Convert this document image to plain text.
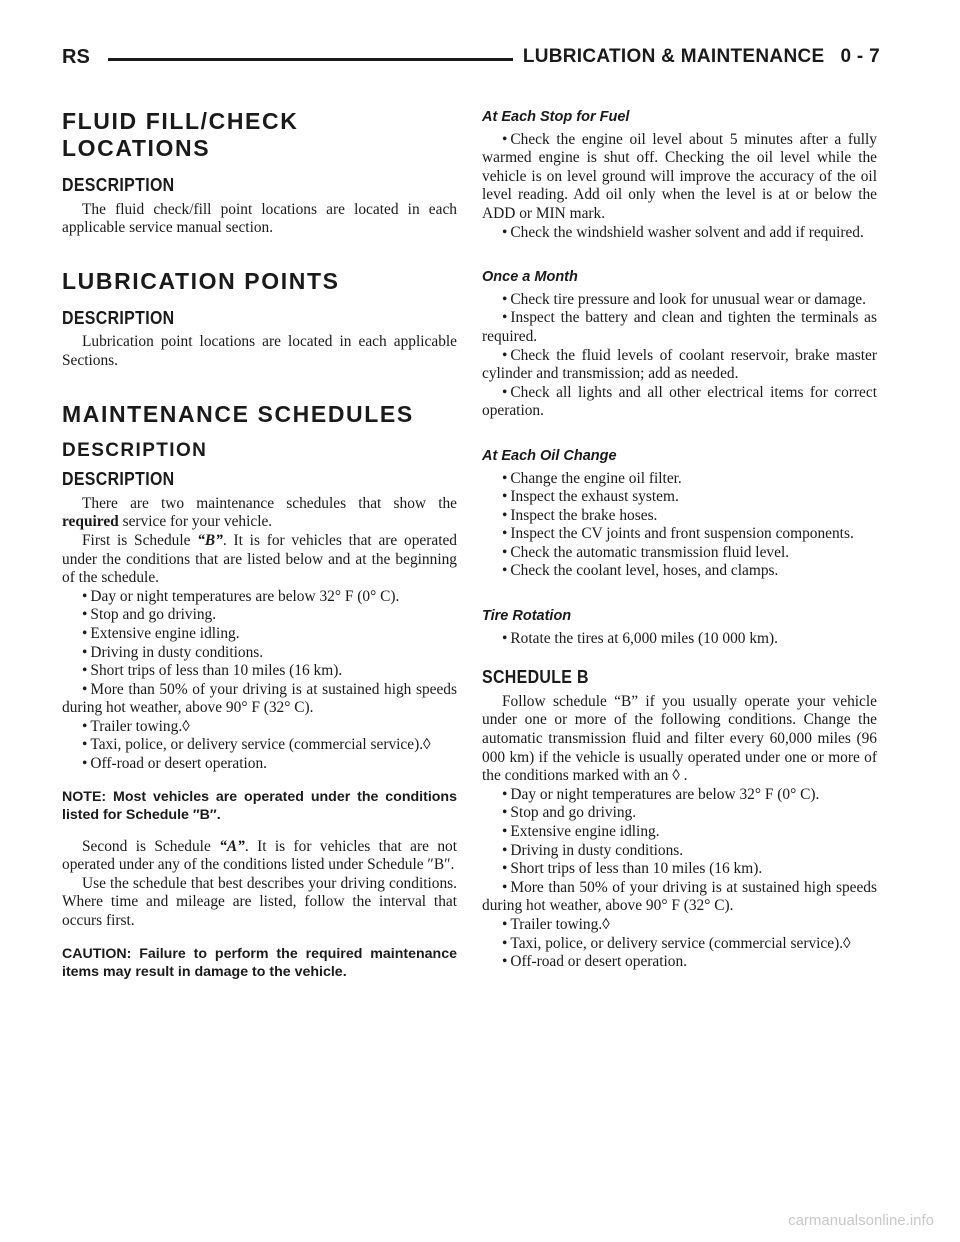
RS	LUBRICATION & MAINTENANCE 0 - 7
FLUID FILL/CHECK LOCATIONS
DESCRIPTION

The fluid check/fill point locations are located in each applicable service manual section.

LUBRICATION POINTS
DESCRIPTION

Lubrication point locations are located in each applicable Sections.

MAINTENANCE SCHEDULES
DESCRIPTION
DESCRIPTION

There are two maintenance schedules that show the required service for your vehicle.

First is Schedule “B”. It is for vehicles that are operated under the conditions that are listed below and at the beginning of the schedule.

• Day or night temperatures are below 32° F (0° C).

• Stop and go driving.

• Extensive engine idling.

• Driving in dusty conditions.

• Short trips of less than 10 miles (16 km).

• More than 50% of your driving is at sustained high speeds during hot weather, above 90° F (32° C).

• Trailer towing.◊

• Taxi, police, or delivery service (commercial service).◊

• Off-road or desert operation.

NOTE: Most vehicles are operated under the conditions listed for Schedule ″B″.

Second is Schedule “A”. It is for vehicles that are not operated under any of the conditions listed under Schedule ″B″.

Use the schedule that best describes your driving conditions. Where time and mileage are listed, follow the interval that occurs first.

CAUTION: Failure to perform the required maintenance items may result in damage to the vehicle.

At Each Stop for Fuel

• Check the engine oil level about 5 minutes after a fully warmed engine is shut off. Checking the oil level while the vehicle is on level ground will improve the accuracy of the oil level reading. Add oil only when the level is at or below the ADD or MIN mark.

• Check the windshield washer solvent and add if required.

Once a Month

• Check tire pressure and look for unusual wear or damage.

• Inspect the battery and clean and tighten the terminals as required.

• Check the fluid levels of coolant reservoir, brake master cylinder and transmission; add as needed.

• Check all lights and all other electrical items for correct operation.

At Each Oil Change

• Change the engine oil filter.

• Inspect the exhaust system.

• Inspect the brake hoses.

• Inspect the CV joints and front suspension components.

• Check the automatic transmission fluid level.

• Check the coolant level, hoses, and clamps.

Tire Rotation

• Rotate the tires at 6,000 miles (10 000 km).

SCHEDULE B

Follow schedule “B” if you usually operate your vehicle under one or more of the following conditions. Change the automatic transmission fluid and filter every 60,000 miles (96 000 km) if the vehicle is usually operated under one or more of the conditions marked with an ◊ .

• Day or night temperatures are below 32° F (0° C).

• Stop and go driving.

• Extensive engine idling.

• Driving in dusty conditions.

• Short trips of less than 10 miles (16 km).

• More than 50% of your driving is at sustained high speeds during hot weather, above 90° F (32° C).

• Trailer towing.◊

• Taxi, police, or delivery service (commercial service).◊

• Off-road or desert operation.

carmanualsonline.info
